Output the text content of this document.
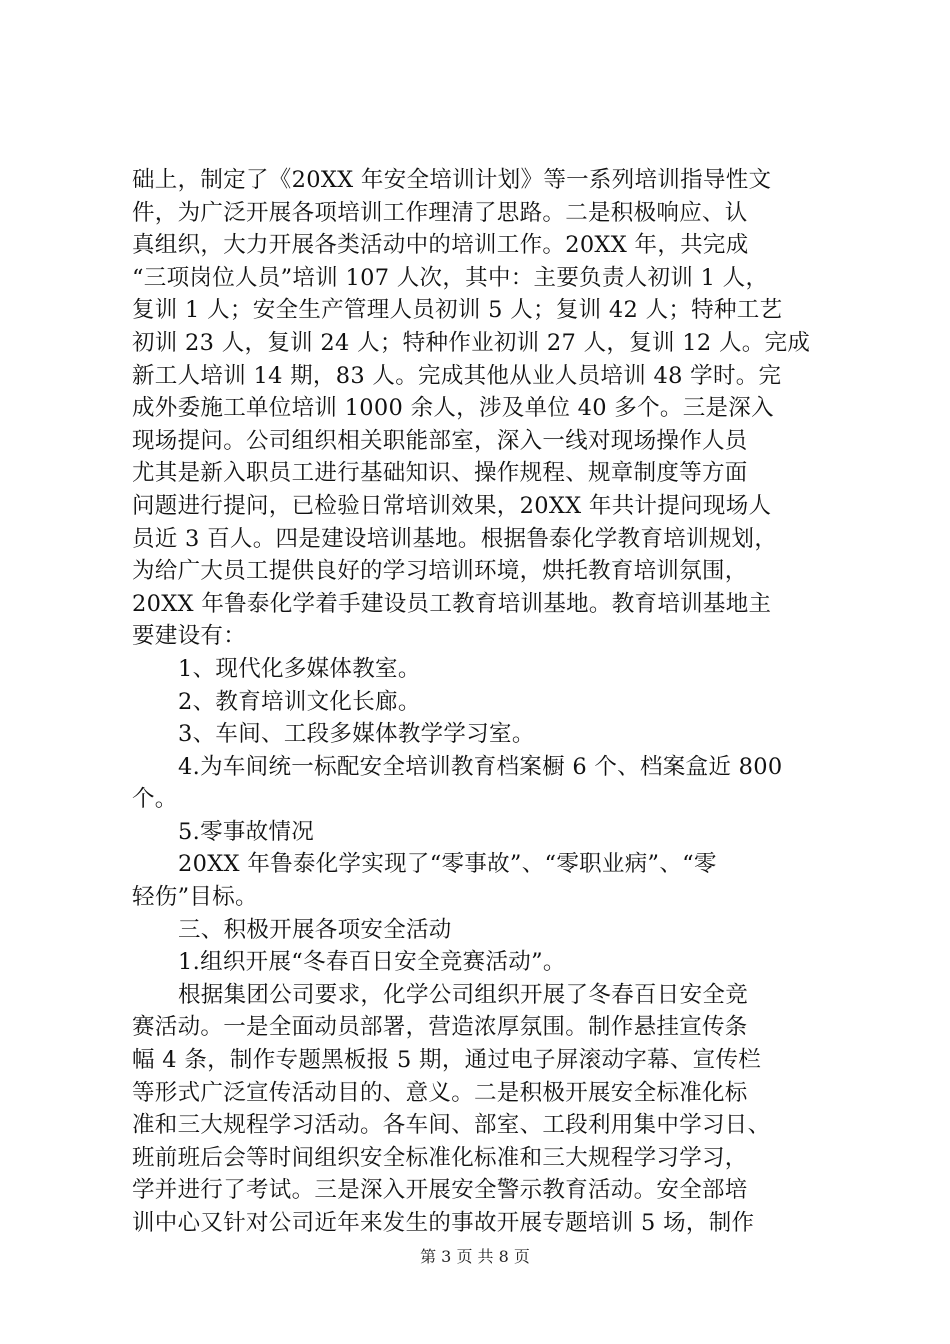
础上，制定了《20XX 年安全培训计划》等一系列培训指导性文
件，为广泛开展各项培训工作理清了思路。二是积极响应、认
真组织，大力开展各类活动中的培训工作。20XX 年，共完成
“三项岗位人员”培训 107 人次，其中：主要负责人初训 1 人，
复训 1 人；安全生产管理人员初训 5 人；复训 42 人；特种工艺
初训 23 人，复训 24 人；特种作业初训 27 人，复训 12 人。完成
新工人培训 14 期，83 人。完成其他从业人员培训 48 学时。完
成外委施工单位培训 1000 余人，涉及单位 40 多个。三是深入
现场提问。公司组织相关职能部室，深入一线对现场操作人员
尤其是新入职员工进行基础知识、操作规程、规章制度等方面
问题进行提问，已检验日常培训效果，20XX 年共计提问现场人
员近 3 百人。四是建设培训基地。根据鲁泰化学教育培训规划，
为给广大员工提供良好的学习培训环境，烘托教育培训氛围，
20XX 年鲁泰化学着手建设员工教育培训基地。教育培训基地主
要建设有：
1、现代化多媒体教室。
2、教育培训文化长廊。
3、车间、工段多媒体教学学习室。
4.为车间统一标配安全培训教育档案橱 6 个、档案盒近 800
个。
5.零事故情况
20XX 年鲁泰化学实现了“零事故”、“零职业病”、“零
轻伤”目标。
三、积极开展各项安全活动
1.组织开展“冬春百日安全竞赛活动”。
根据集团公司要求，化学公司组织开展了冬春百日安全竞
赛活动。一是全面动员部署，营造浓厚氛围。制作悬挂宣传条
幅 4 条，制作专题黑板报 5 期，通过电子屏滚动字幕、宣传栏
等形式广泛宣传活动目的、意义。二是积极开展安全标准化标
准和三大规程学习活动。各车间、部室、工段利用集中学习日、
班前班后会等时间组织安全标准化标准和三大规程学习学习，
学并进行了考试。三是深入开展安全警示教育活动。安全部培
训中心又针对公司近年来发生的事故开展专题培训 5 场，制作
第 3 页 共 8 页
